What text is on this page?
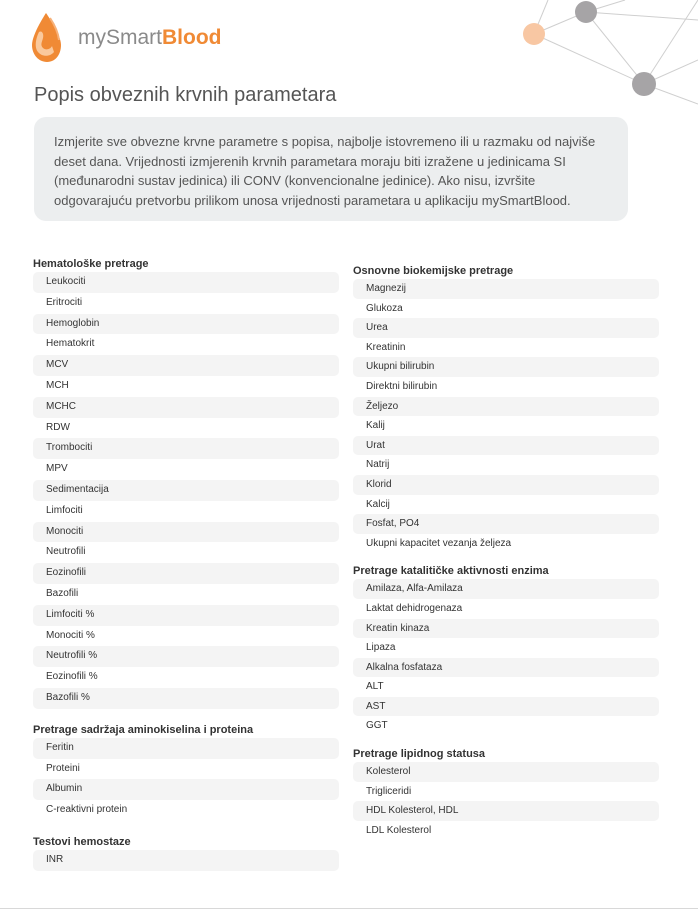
mySmartBlood
Popis obveznih krvnih parametara
Izmjerite sve obvezne krvne parametre s popisa, najbolje istovremeno ili u razmaku od najviše deset dana. Vrijednosti izmjerenih krvnih parametara moraju biti izražene u jedinicama SI (međunarodni sustav jedinica) ili CONV (konvencionalne jedinice). Ako nisu, izvršite odgovarajuću pretvorbu prilikom unosa vrijednosti parametara u aplikaciju mySmartBlood.
Hematološke pretrage
Leukociti
Eritrociti
Hemoglobin
Hematokrit
MCV
MCH
MCHC
RDW
Trombociti
MPV
Sedimentacija
Limfociti
Monociti
Neutrofili
Eozinofili
Bazofili
Limfociti %
Monociti %
Neutrofili %
Eozinofili %
Bazofili %
Pretrage sadržaja aminokiselina i proteina
Feritin
Proteini
Albumin
C-reaktivni protein
Testovi hemostaze
INR
Osnovne biokemijske pretrage
Magnezij
Glukoza
Urea
Kreatinin
Ukupni bilirubin
Direktni bilirubin
Željezo
Kalij
Urat
Natrij
Klorid
Kalcij
Fosfat, PO4
Ukupni kapacitet vezanja željeza
Pretrage katalitičke aktivnosti enzima
Amilaza, Alfa-Amilaza
Laktat dehidrogenaza
Kreatin kinaza
Lipaza
Alkalna fosfataza
ALT
AST
GGT
Pretrage lipidnog statusa
Kolesterol
Trigliceridi
HDL Kolesterol, HDL
LDL Kolesterol
